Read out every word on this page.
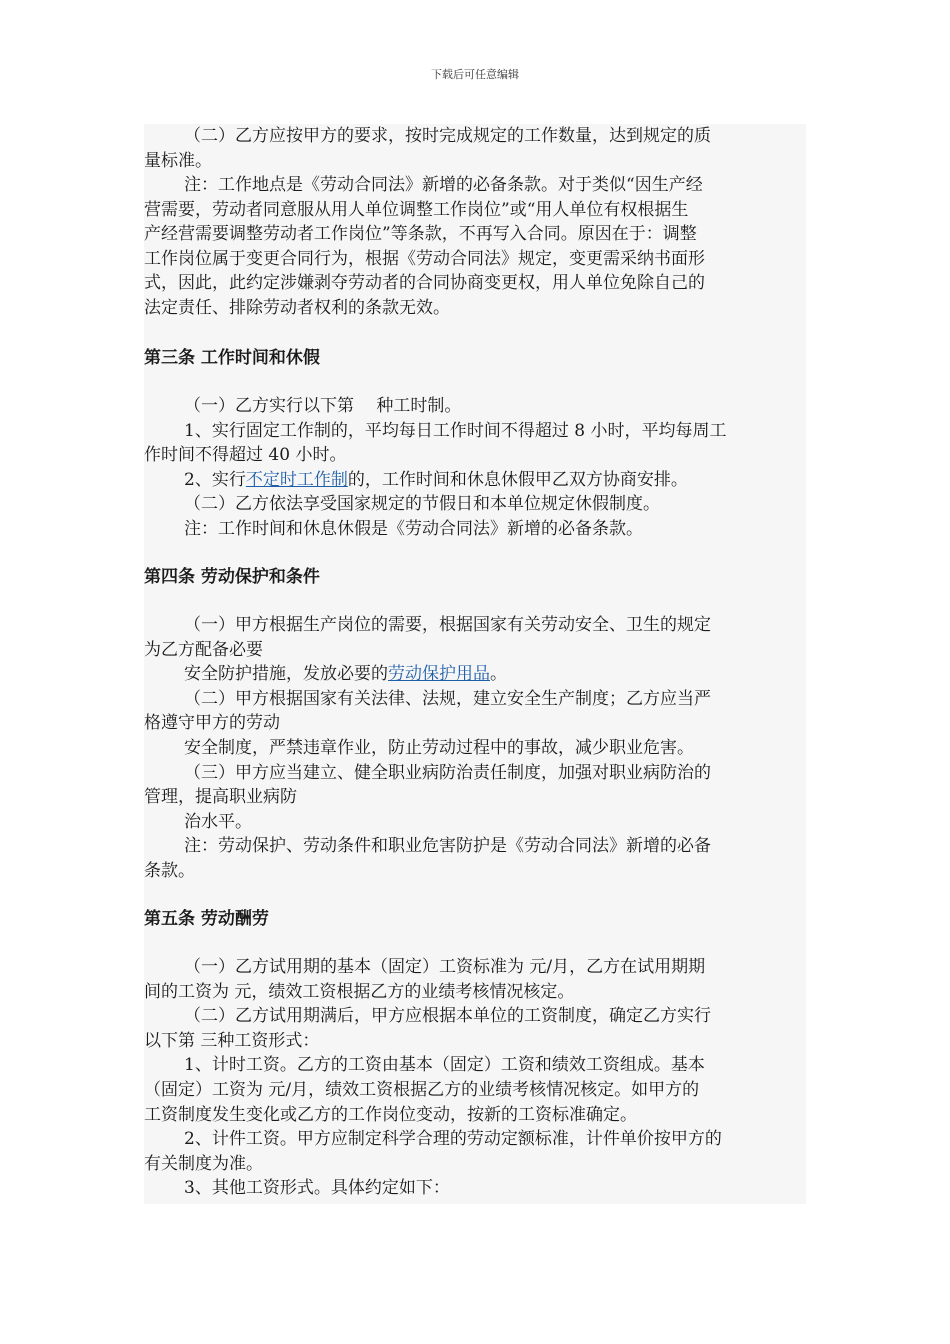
下载后可任意编辑
（二）乙方应按甲方的要求，按时完成规定的工作数量，达到规定的质
量标准。
注：工作地点是《劳动合同法》新增的必备条款。对于类似“因生产经
营需要，劳动者同意服从用人单位调整工作岗位”或“用人单位有权根据生
产经营需要调整劳动者工作岗位”等条款，不再写入合同。原因在于：调整
工作岗位属于变更合同行为，根据《劳动合同法》规定，变更需采纳书面形
式，因此，此约定涉嫌剥夺劳动者的合同协商变更权，用人单位免除自己的
法定责任、排除劳动者权利的条款无效。
第三条 工作时间和休假
（一）乙方实行以下第　 种工时制。
1、实行固定工作制的，平均每日工作时间不得超过 8 小时，平均每周工
作时间不得超过 40 小时。
2、实行不定时工作制的，工作时间和休息休假甲乙双方协商安排。
（二）乙方依法享受国家规定的节假日和本单位规定休假制度。
注：工作时间和休息休假是《劳动合同法》新增的必备条款。
第四条 劳动保护和条件
（一）甲方根据生产岗位的需要，根据国家有关劳动安全、卫生的规定
为乙方配备必要
安全防护措施，发放必要的劳动保护用品。
（二）甲方根据国家有关法律、法规，建立安全生产制度；乙方应当严
格遵守甲方的劳动
安全制度，严禁违章作业，防止劳动过程中的事故，减少职业危害。
（三）甲方应当建立、健全职业病防治责任制度，加强对职业病防治的
管理，提高职业病防
治水平。
注：劳动保护、劳动条件和职业危害防护是《劳动合同法》新增的必备
条款。
第五条 劳动酬劳
（一）乙方试用期的基本（固定）工资标准为 元/月，乙方在试用期期
间的工资为 元，绩效工资根据乙方的业绩考核情况核定。
（二）乙方试用期满后，甲方应根据本单位的工资制度，确定乙方实行
以下第 三种工资形式：
1、计时工资。乙方的工资由基本（固定）工资和绩效工资组成。基本
（固定）工资为 元/月，绩效工资根据乙方的业绩考核情况核定。如甲方的
工资制度发生变化或乙方的工作岗位变动，按新的工资标准确定。
2、计件工资。甲方应制定科学合理的劳动定额标准，计件单价按甲方的
有关制度为准。
3、其他工资形式。具体约定如下：
